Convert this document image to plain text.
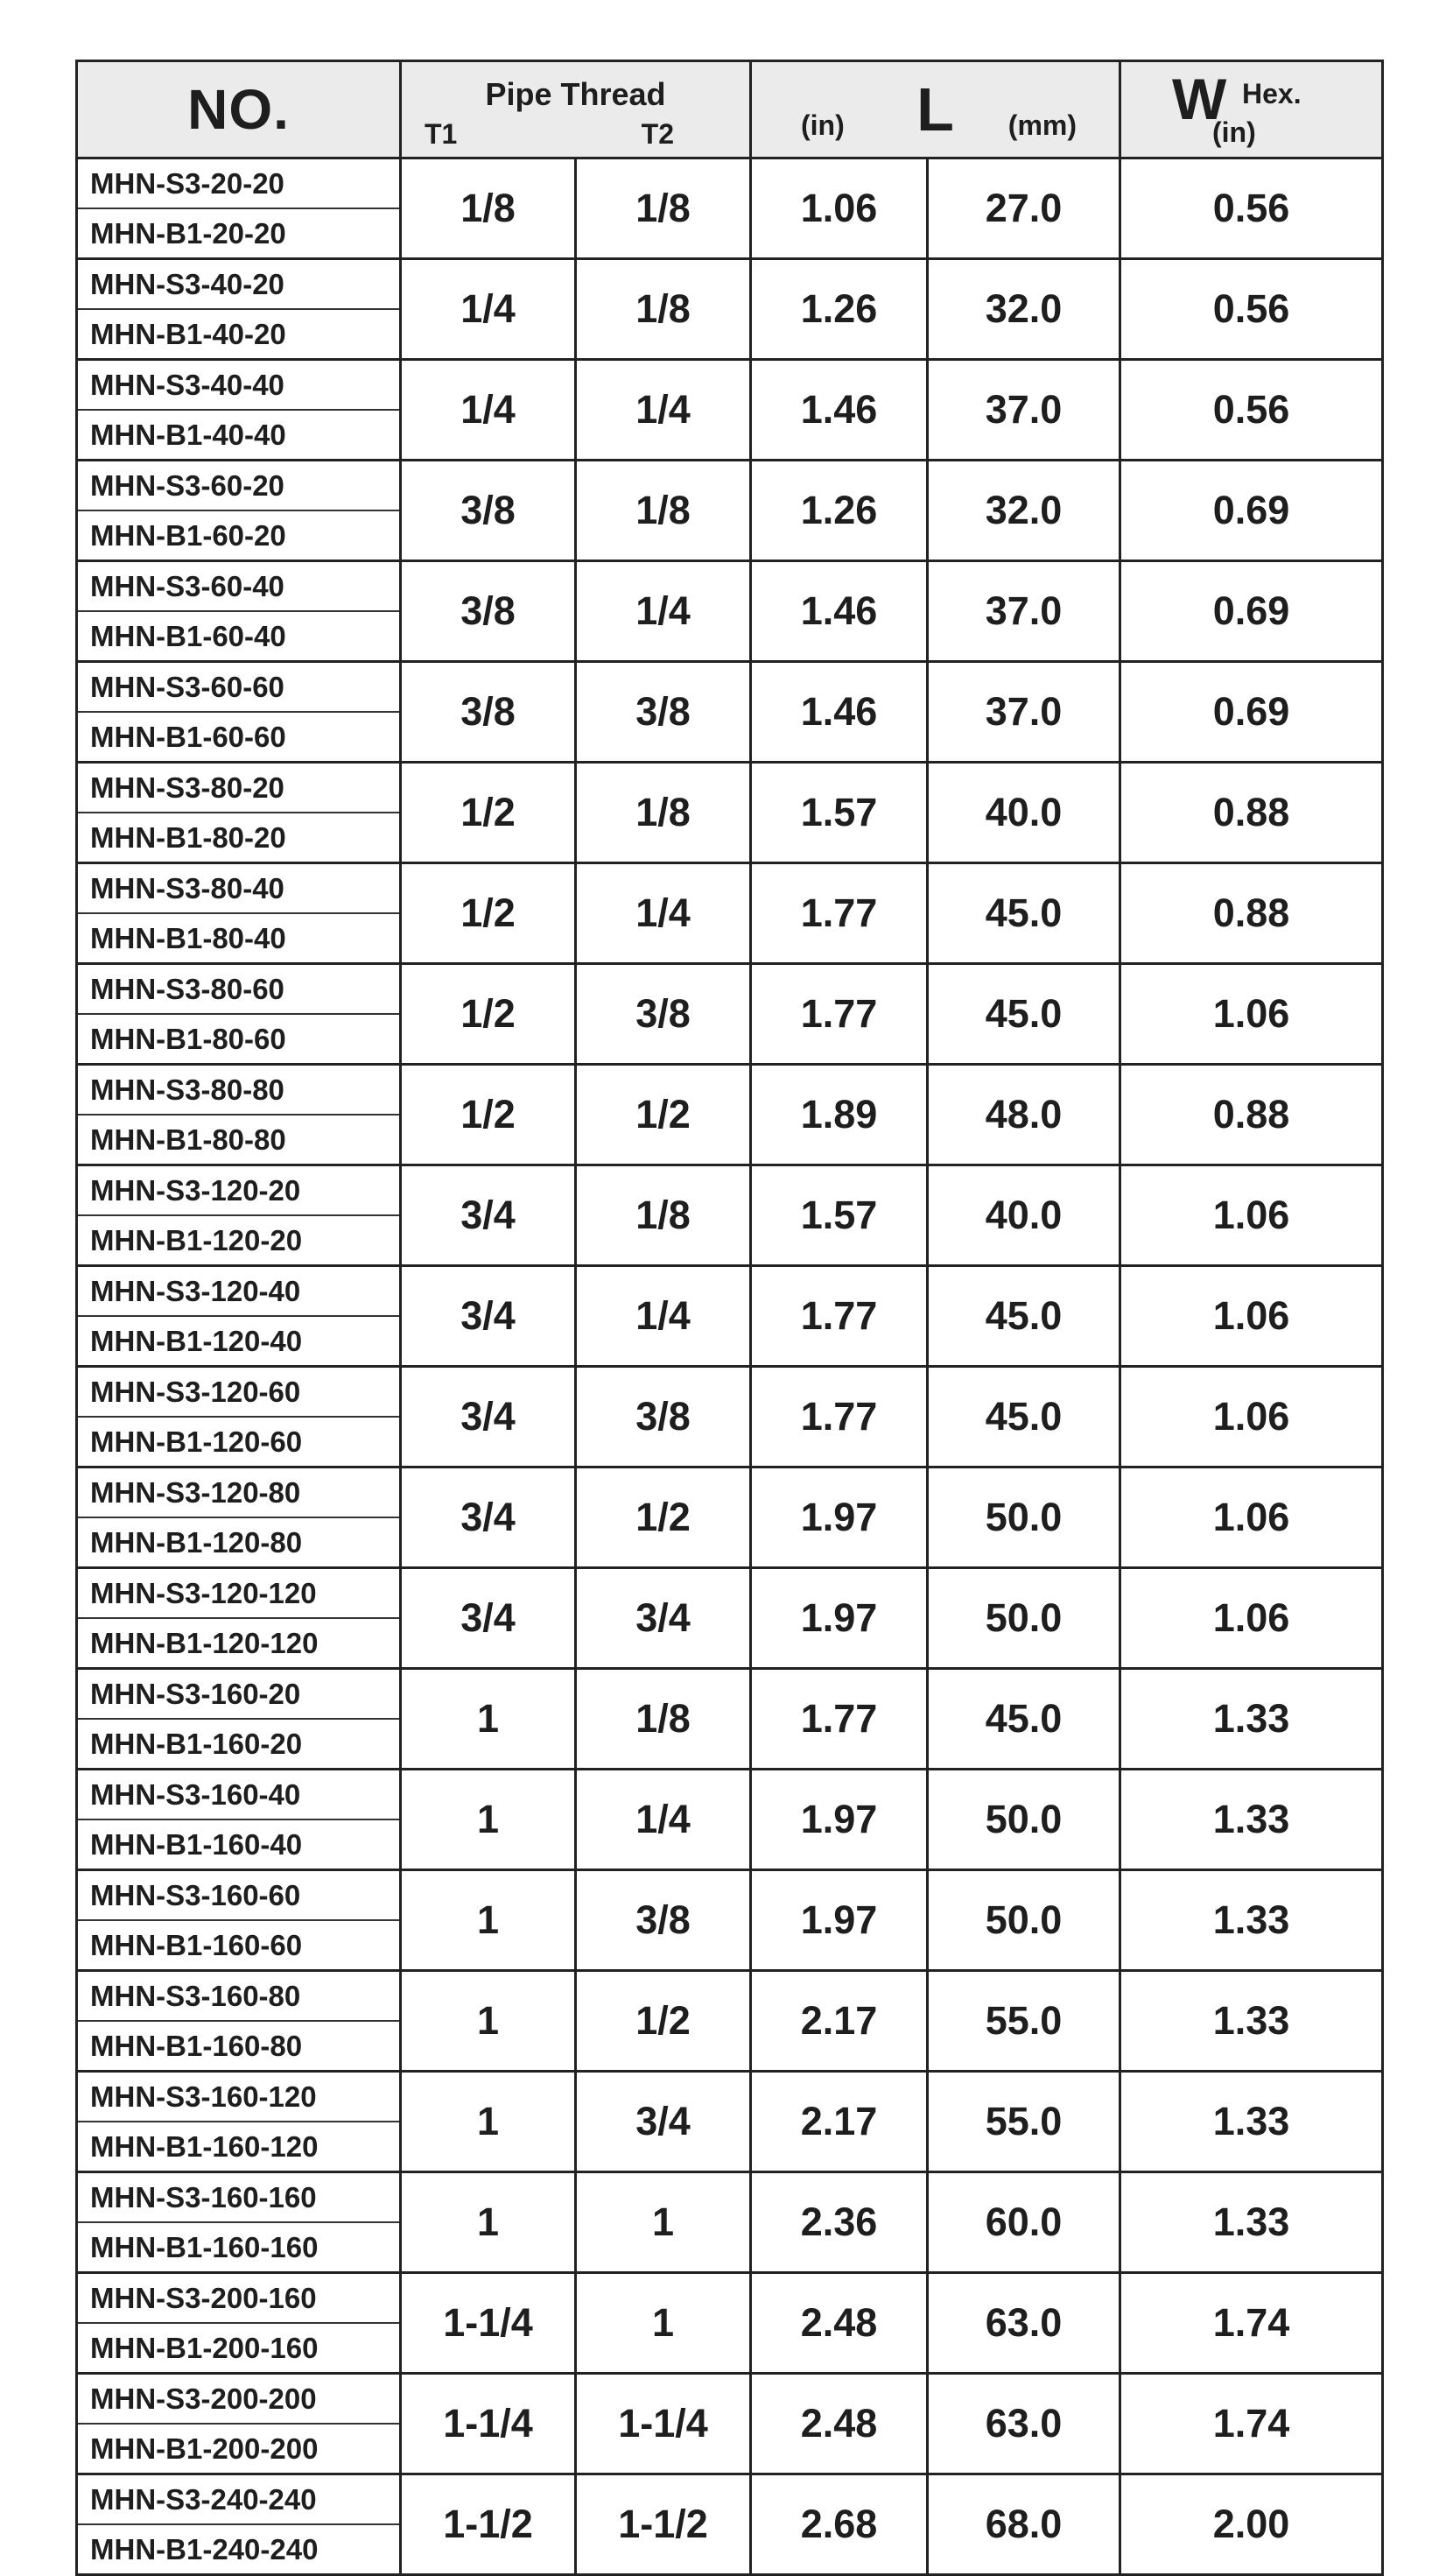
NO.	Pipe Thread
T1 T2		(in) L (mm)		W Hex.
(in)

MHN-S3-20-20
MHN-B1-20-20	1/8	1/8	1.06	27.0	0.56

MHN-S3-40-20
MHN-B1-40-20	1/4	1/8	1.26	32.0	0.56

MHN-S3-40-40
MHN-B1-40-40	1/4	1/4	1.46	37.0	0.56

MHN-S3-60-20
MHN-B1-60-20	3/8	1/8	1.26	32.0	0.69

MHN-S3-60-40
MHN-B1-60-40	3/8	1/4	1.46	37.0	0.69

MHN-S3-60-60
MHN-B1-60-60	3/8	3/8	1.46	37.0	0.69

MHN-S3-80-20
MHN-B1-80-20	1/2	1/8	1.57	40.0	0.88

MHN-S3-80-40
MHN-B1-80-40	1/2	1/4	1.77	45.0	0.88

MHN-S3-80-60
MHN-B1-80-60	1/2	3/8	1.77	45.0	1.06

MHN-S3-80-80
MHN-B1-80-80	1/2	1/2	1.89	48.0	0.88

MHN-S3-120-20
MHN-B1-120-20	3/4	1/8	1.57	40.0	1.06

MHN-S3-120-40
MHN-B1-120-40	3/4	1/4	1.77	45.0	1.06

MHN-S3-120-60
MHN-B1-120-60	3/4	3/8	1.77	45.0	1.06

MHN-S3-120-80
MHN-B1-120-80	3/4	1/2	1.97	50.0	1.06

MHN-S3-120-120
MHN-B1-120-120	3/4	3/4	1.97	50.0	1.06

MHN-S3-160-20
MHN-B1-160-20	1	1/8	1.77	45.0	1.33

MHN-S3-160-40
MHN-B1-160-40	1	1/4	1.97	50.0	1.33

MHN-S3-160-60
MHN-B1-160-60	1	3/8	1.97	50.0	1.33

MHN-S3-160-80
MHN-B1-160-80	1	1/2	2.17	55.0	1.33

MHN-S3-160-120
MHN-B1-160-120	1	3/4	2.17	55.0	1.33

MHN-S3-160-160
MHN-B1-160-160	1	1	2.36	60.0	1.33

MHN-S3-200-160
MHN-B1-200-160	1-1/4	1	2.48	63.0	1.74

MHN-S3-200-200
MHN-B1-200-200	1-1/4	1-1/4	2.48	63.0	1.74

MHN-S3-240-240
MHN-B1-240-240	1-1/2	1-1/2	2.68	68.0	2.00
